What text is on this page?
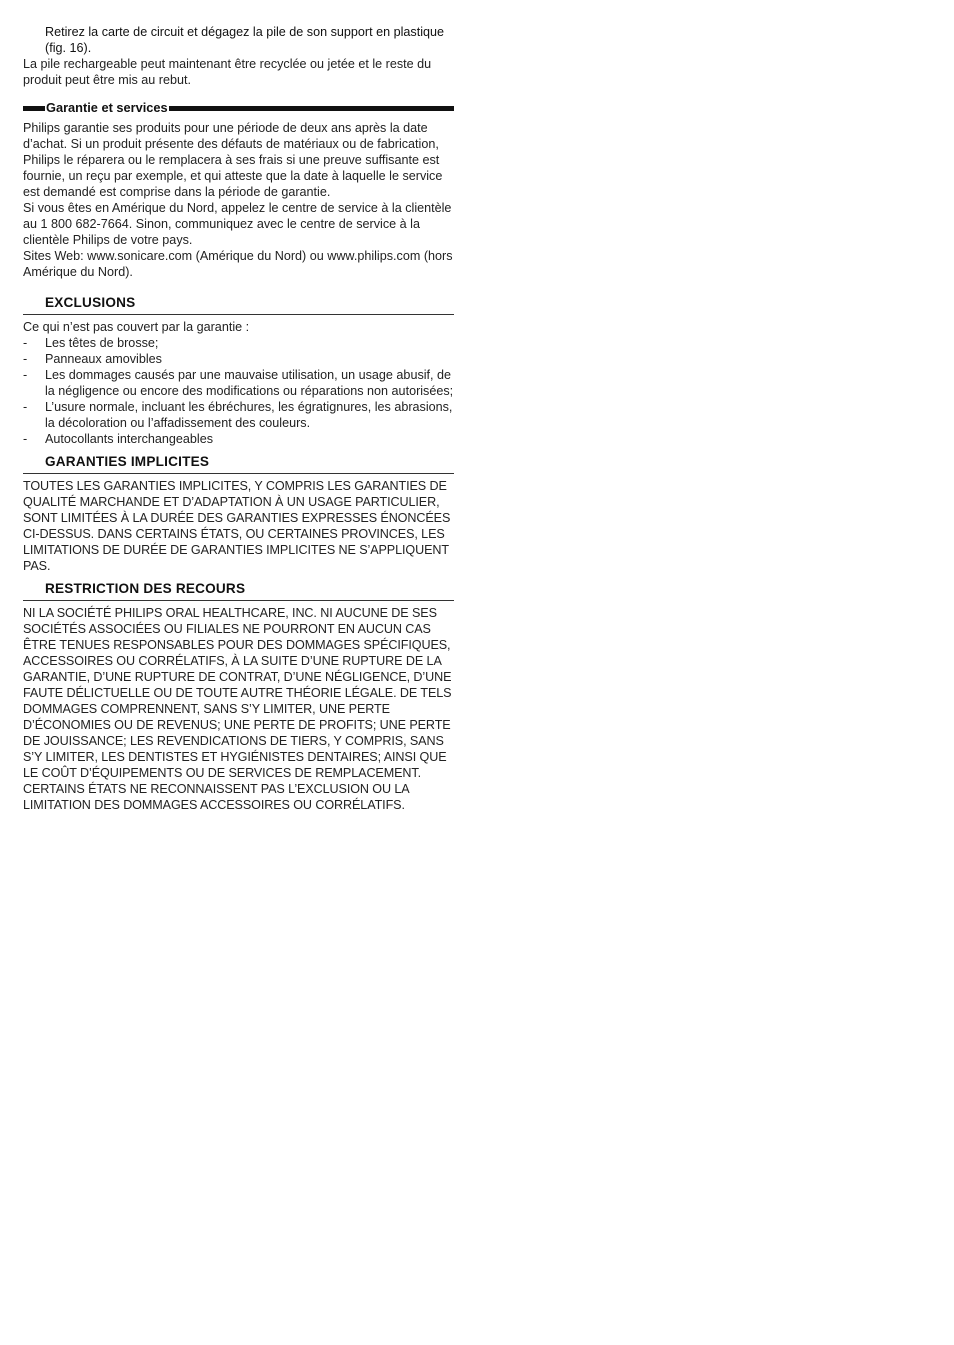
Retirez la carte de circuit et dégagez la pile de son support en plastique (fig. 16).

La pile rechargeable peut maintenant être recyclée ou jetée et le reste du produit peut être mis au rebut.

Garantie et services

Philips garantie ses produits pour une période de deux ans après la date d’achat. Si un produit présente des défauts de matériaux ou de fabrication, Philips le réparera ou le remplacera à ses frais si une preuve suffisante est fournie, un reçu par exemple, et qui atteste que la date à laquelle le service est demandé est comprise dans la période de garantie.

Si vous êtes en Amérique du Nord, appelez le centre de service à la clientèle au 1 800 682-7664. Sinon, communiquez avec le centre de service à la clientèle Philips de votre pays.

Sites Web: www.sonicare.com (Amérique du Nord) ou www.philips.com (hors Amérique du Nord).

EXCLUSIONS

Ce qui n’est pas couvert par la garantie :

- Les têtes de brosse;
- Panneaux amovibles
- Les dommages causés par une mauvaise utilisation, un usage abusif, de la négligence ou encore des modifications ou réparations non autorisées;
- L’usure normale, incluant les ébréchures, les égratignures, les abrasions, la décoloration ou l’affadissement des couleurs.
- Autocollants interchangeables
GARANTIES IMPLICITES

TOUTES LES GARANTIES IMPLICITES, Y COMPRIS LES GARANTIES DE QUALITÉ MARCHANDE ET D’ADAPTATION À UN USAGE PARTICULIER, SONT LIMITÉES À LA DURÉE DES GARANTIES EXPRESSES ÉNONCÉES CI-DESSUS. DANS CERTAINS ÉTATS, OU CERTAINES PROVINCES, LES LIMITATIONS DE DURÉE DE GARANTIES IMPLICITES NE S’APPLIQUENT PAS.

RESTRICTION DES RECOURS

NI LA SOCIÉTÉ PHILIPS ORAL HEALTHCARE, INC. NI AUCUNE DE SES SOCIÉTÉS ASSOCIÉES OU FILIALES NE POURRONT EN AUCUN CAS ÊTRE TENUES RESPONSABLES POUR DES DOMMAGES SPÉCIFIQUES, ACCESSOIRES OU CORRÉLATIFS, À LA SUITE D’UNE RUPTURE DE LA GARANTIE, D’UNE RUPTURE DE CONTRAT, D’UNE NÉGLIGENCE, D’UNE FAUTE DÉLICTUELLE OU DE TOUTE AUTRE THÉORIE LÉGALE. DE TELS DOMMAGES COMPRENNENT, SANS S’Y LIMITER, UNE PERTE D’ÉCONOMIES OU DE REVENUS; UNE PERTE DE PROFITS; UNE PERTE DE JOUISSANCE; LES REVENDICATIONS DE TIERS, Y COMPRIS, SANS S’Y LIMITER, LES DENTISTES ET HYGIÉNISTES DENTAIRES; AINSI QUE LE COÛT D’ÉQUIPEMENTS OU DE SERVICES DE REMPLACEMENT. CERTAINS ÉTATS NE RECONNAISSENT PAS L’EXCLUSION OU LA LIMITATION DES DOMMAGES ACCESSOIRES OU CORRÉLATIFS.
